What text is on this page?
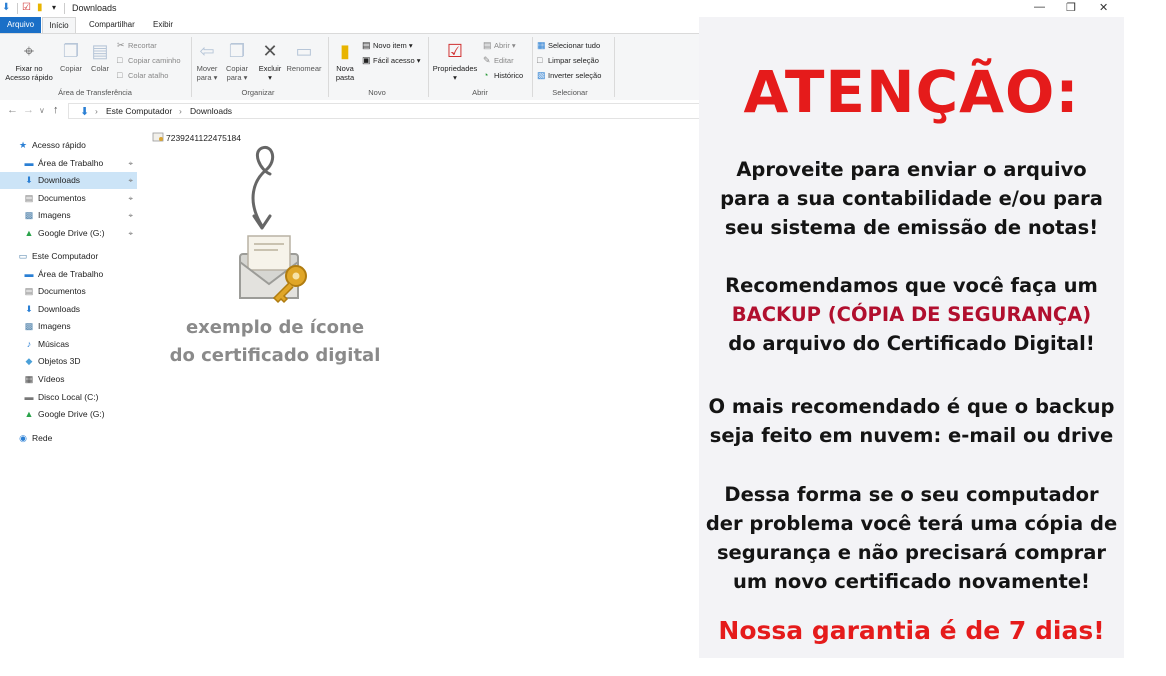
⬇ ☑ ▮ ▾ Downloads	— ❐ ✕
Arquivo	Início	Compartilhar Exibir
⌖
Fixar no
Acesso rápido
❐
Copiar
▤
Colar
✂ Recortar
□ Copiar caminho
□ Colar atalho
Área de Transferência
⇦
Mover
para ▾
❐
Copiar
para ▾
✕
Excluir
▾
▭
Renomear
Organizar
▮
Nova
pasta
▤ Novo item ▾
▣ Fácil acesso ▾
Novo
☑
Propriedades
▾
▤ Abrir ▾
✎ Editar
◔ Histórico
Abrir
▦ Selecionar tudo
□ Limpar seleção
▧ Inverter seleção
Selecionar
← → ∨ ↑ ⬇ › Este Computador › Downloads
★ Acesso rápido
▬ Área de Trabalho	⌖
⬇ Downloads	⌖
▤ Documentos	⌖
▩ Imagens	⌖
▲ Google Drive (G:)	⌖
▭ Este Computador
▬ Área de Trabalho
▤ Documentos
⬇ Downloads
▩ Imagens
♪ Músicas
◆ Objetos 3D
▦ Vídeos
▬ Disco Local (C:)
▲ Google Drive (G:)
◉ Rede
7239241122475184
exemplo de ícone
do certificado digital
ATENÇÃO:
Aproveite para enviar o arquivo
para a sua contabilidade e/ou para
seu sistema de emissão de notas!
Recomendamos que você faça um
BACKUP (CÓPIA DE SEGURANÇA)
do arquivo do Certificado Digital!
O mais recomendado é que o backup
seja feito em nuvem: e-mail ou drive
Dessa forma se o seu computador
der problema você terá uma cópia de
segurança e não precisará comprar
um novo certificado novamente!
Nossa garantia é de 7 dias!
